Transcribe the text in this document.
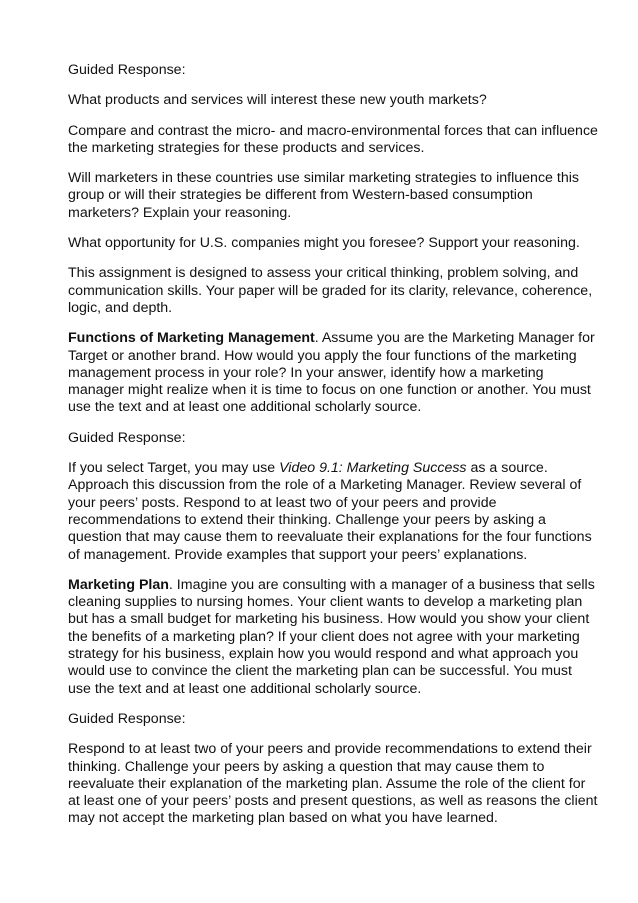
Guided Response:

What products and services will interest these new youth markets?

Compare and contrast the micro- and macro-environmental forces that can influence the marketing strategies for these products and services.

Will marketers in these countries use similar marketing strategies to influence this group or will their strategies be different from Western-based consumption marketers? Explain your reasoning.

What opportunity for U.S. companies might you foresee? Support your reasoning.

This assignment is designed to assess your critical thinking, problem solving, and communication skills. Your paper will be graded for its clarity, relevance, coherence, logic, and depth.

Functions of Marketing Management. Assume you are the Marketing Manager for Target or another brand. How would you apply the four functions of the marketing management process in your role? In your answer, identify how a marketing manager might realize when it is time to focus on one function or another. You must use the text and at least one additional scholarly source.

Guided Response:

If you select Target, you may use Video 9.1: Marketing Success as a source. Approach this discussion from the role of a Marketing Manager. Review several of your peers’ posts. Respond to at least two of your peers and provide recommendations to extend their thinking. Challenge your peers by asking a question that may cause them to reevaluate their explanations for the four functions of management. Provide examples that support your peers’ explanations.

Marketing Plan. Imagine you are consulting with a manager of a business that sells cleaning supplies to nursing homes. Your client wants to develop a marketing plan but has a small budget for marketing his business. How would you show your client the benefits of a marketing plan? If your client does not agree with your marketing strategy for his business, explain how you would respond and what approach you would use to convince the client the marketing plan can be successful. You must use the text and at least one additional scholarly source.

Guided Response:

Respond to at least two of your peers and provide recommendations to extend their thinking. Challenge your peers by asking a question that may cause them to reevaluate their explanation of the marketing plan. Assume the role of the client for at least one of your peers’ posts and present questions, as well as reasons the client may not accept the marketing plan based on what you have learned.
